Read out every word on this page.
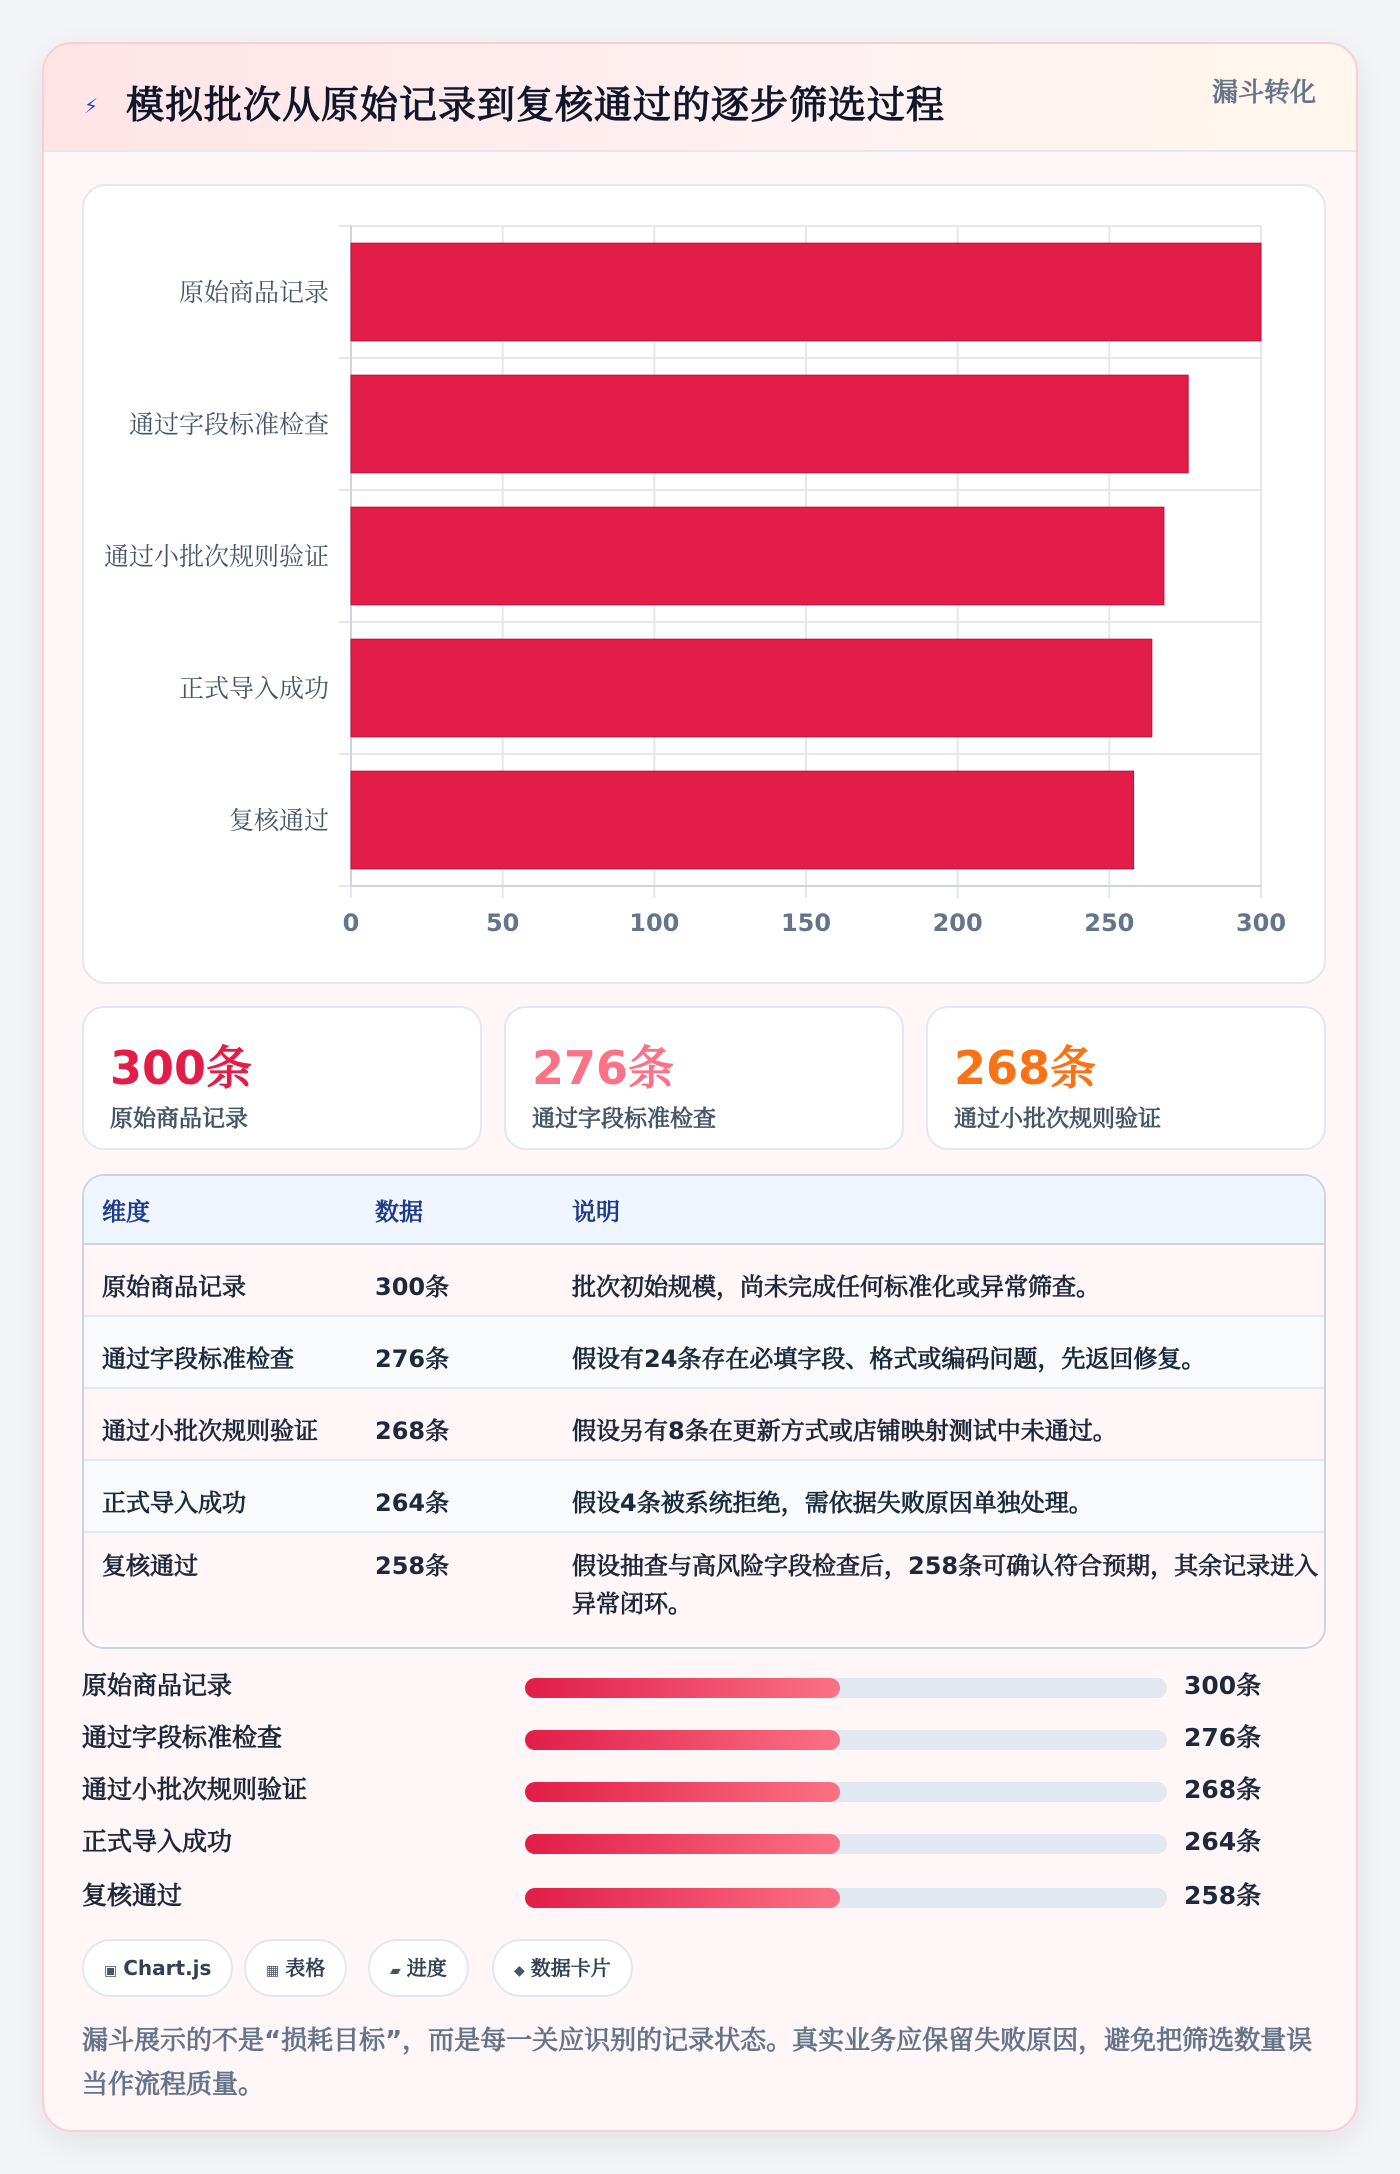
⚡ 模拟批次从原始记录到复核通过的逐步筛选过程	漏斗转化
原始商品记录
通过字段标准检查
通过小批次规则验证
正式导入成功
复核通过
0	50	100	150	200	250	300
300条
原始商品记录
276条
通过字段标准检查
268条
通过小批次规则验证
维度	数据	说明
原始商品记录	300条	批次初始规模，尚未完成任何标准化或异常筛查。
通过字段标准检查	276条	假设有24条存在必填字段、格式或编码问题，先返回修复。
通过小批次规则验证	268条	假设另有8条在更新方式或店铺映射测试中未通过。
正式导入成功	264条	假设4条被系统拒绝，需依据失败原因单独处理。
复核通过	258条	假设抽查与高风险字段检查后，258条可确认符合预期，其余记录进入异常闭环。
原始商品记录	300条
通过字段标准检查	276条
通过小批次规则验证	268条
正式导入成功	264条
复核通过	258条
▣ Chart.js	▦ 表格	▰ 进度	◆ 数据卡片
漏斗展示的不是“损耗目标”，而是每一关应识别的记录状态。真实业务应保留失败原因，避免把筛选数量误当作流程质量。
